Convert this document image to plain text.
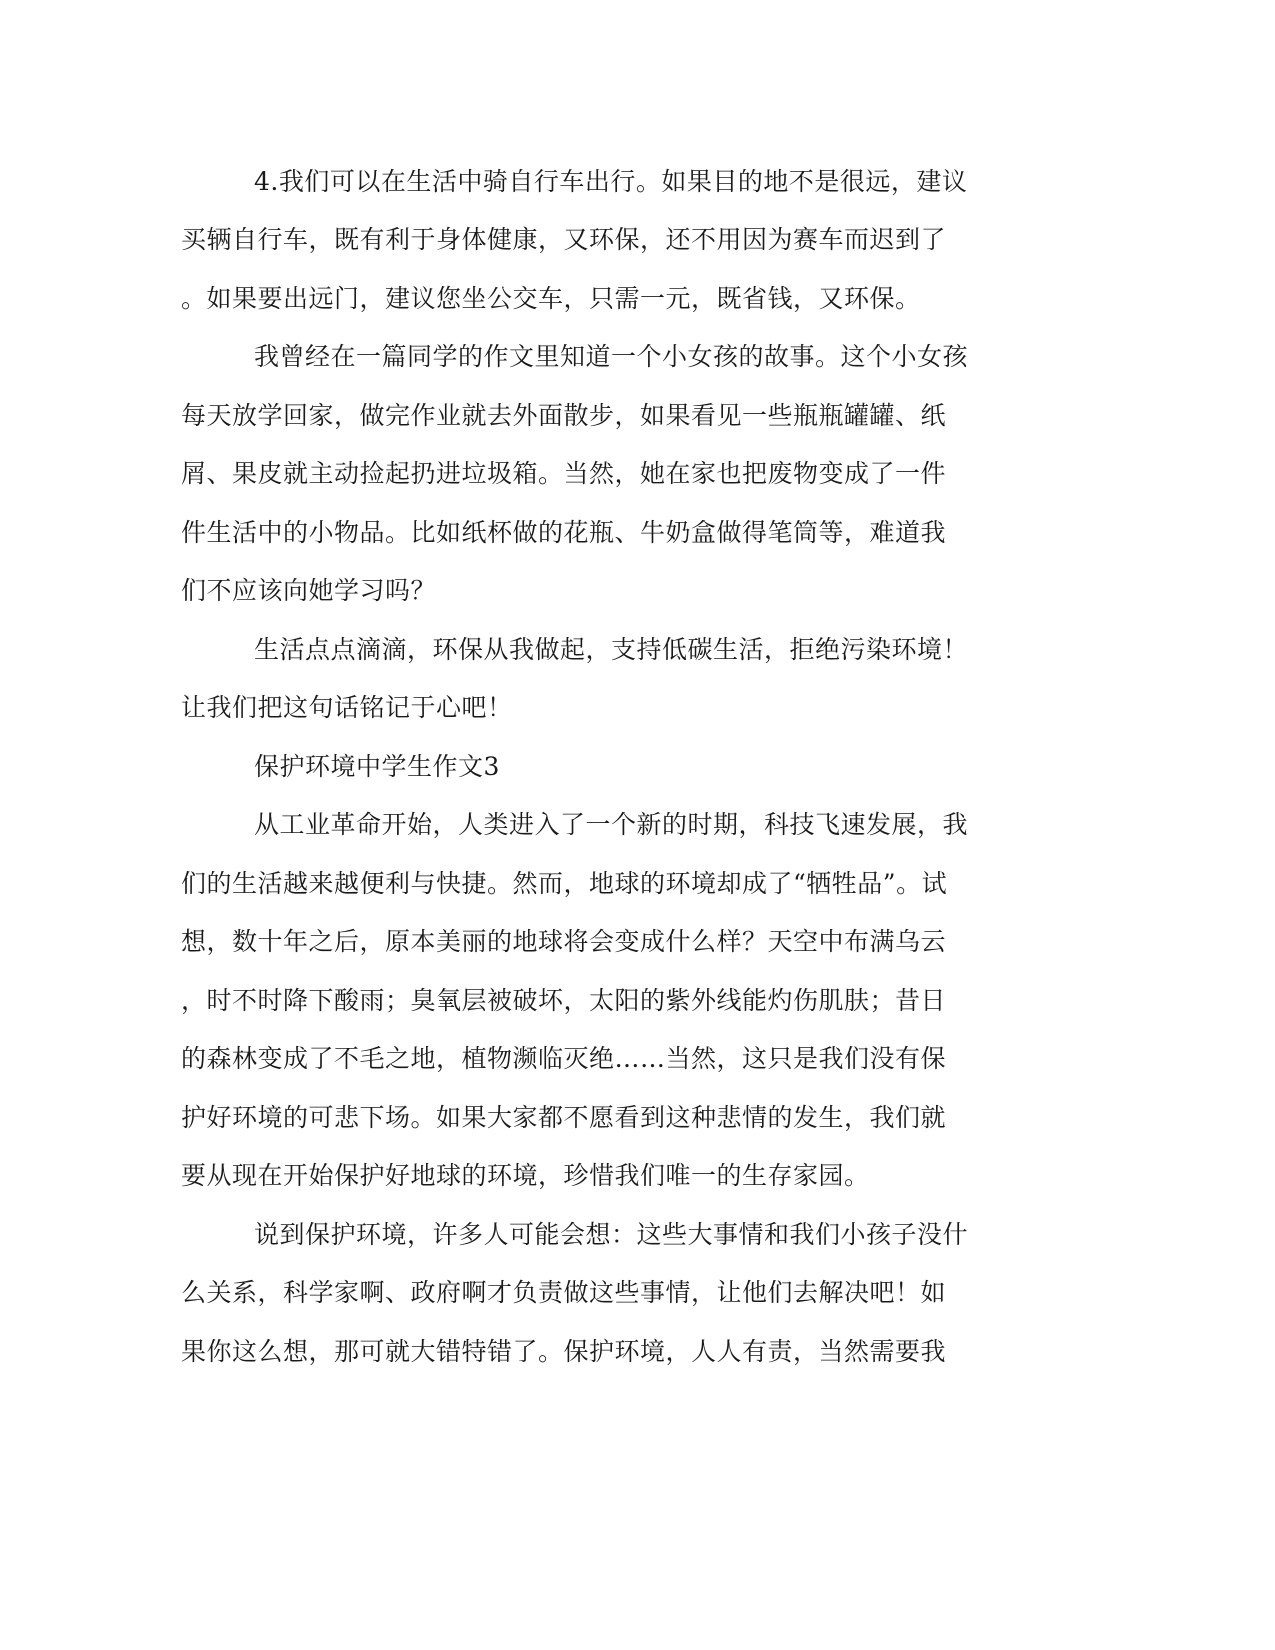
4.我们可以在生活中骑自行车出行。如果目的地不是很远，建议
买辆自行车，既有利于身体健康，又环保，还不用因为赛车而迟到了
。如果要出远门，建议您坐公交车，只需一元，既省钱，又环保。
我曾经在一篇同学的作文里知道一个小女孩的故事。这个小女孩
每天放学回家，做完作业就去外面散步，如果看见一些瓶瓶罐罐、纸
屑、果皮就主动捡起扔进垃圾箱。当然，她在家也把废物变成了一件
件生活中的小物品。比如纸杯做的花瓶、牛奶盒做得笔筒等，难道我
们不应该向她学习吗？
生活点点滴滴，环保从我做起，支持低碳生活，拒绝污染环境！
让我们把这句话铭记于心吧！
保护环境中学生作文3
从工业革命开始，人类进入了一个新的时期，科技飞速发展，我
们的生活越来越便利与快捷。然而，地球的环境却成了“牺牲品”。试
想，数十年之后，原本美丽的地球将会变成什么样？天空中布满乌云
，时不时降下酸雨；臭氧层被破坏，太阳的紫外线能灼伤肌肤；昔日
的森林变成了不毛之地，植物濒临灭绝……当然，这只是我们没有保
护好环境的可悲下场。如果大家都不愿看到这种悲情的发生，我们就
要从现在开始保护好地球的环境，珍惜我们唯一的生存家园。
说到保护环境，许多人可能会想：这些大事情和我们小孩子没什
么关系，科学家啊、政府啊才负责做这些事情，让他们去解决吧！如
果你这么想，那可就大错特错了。保护环境，人人有责，当然需要我
